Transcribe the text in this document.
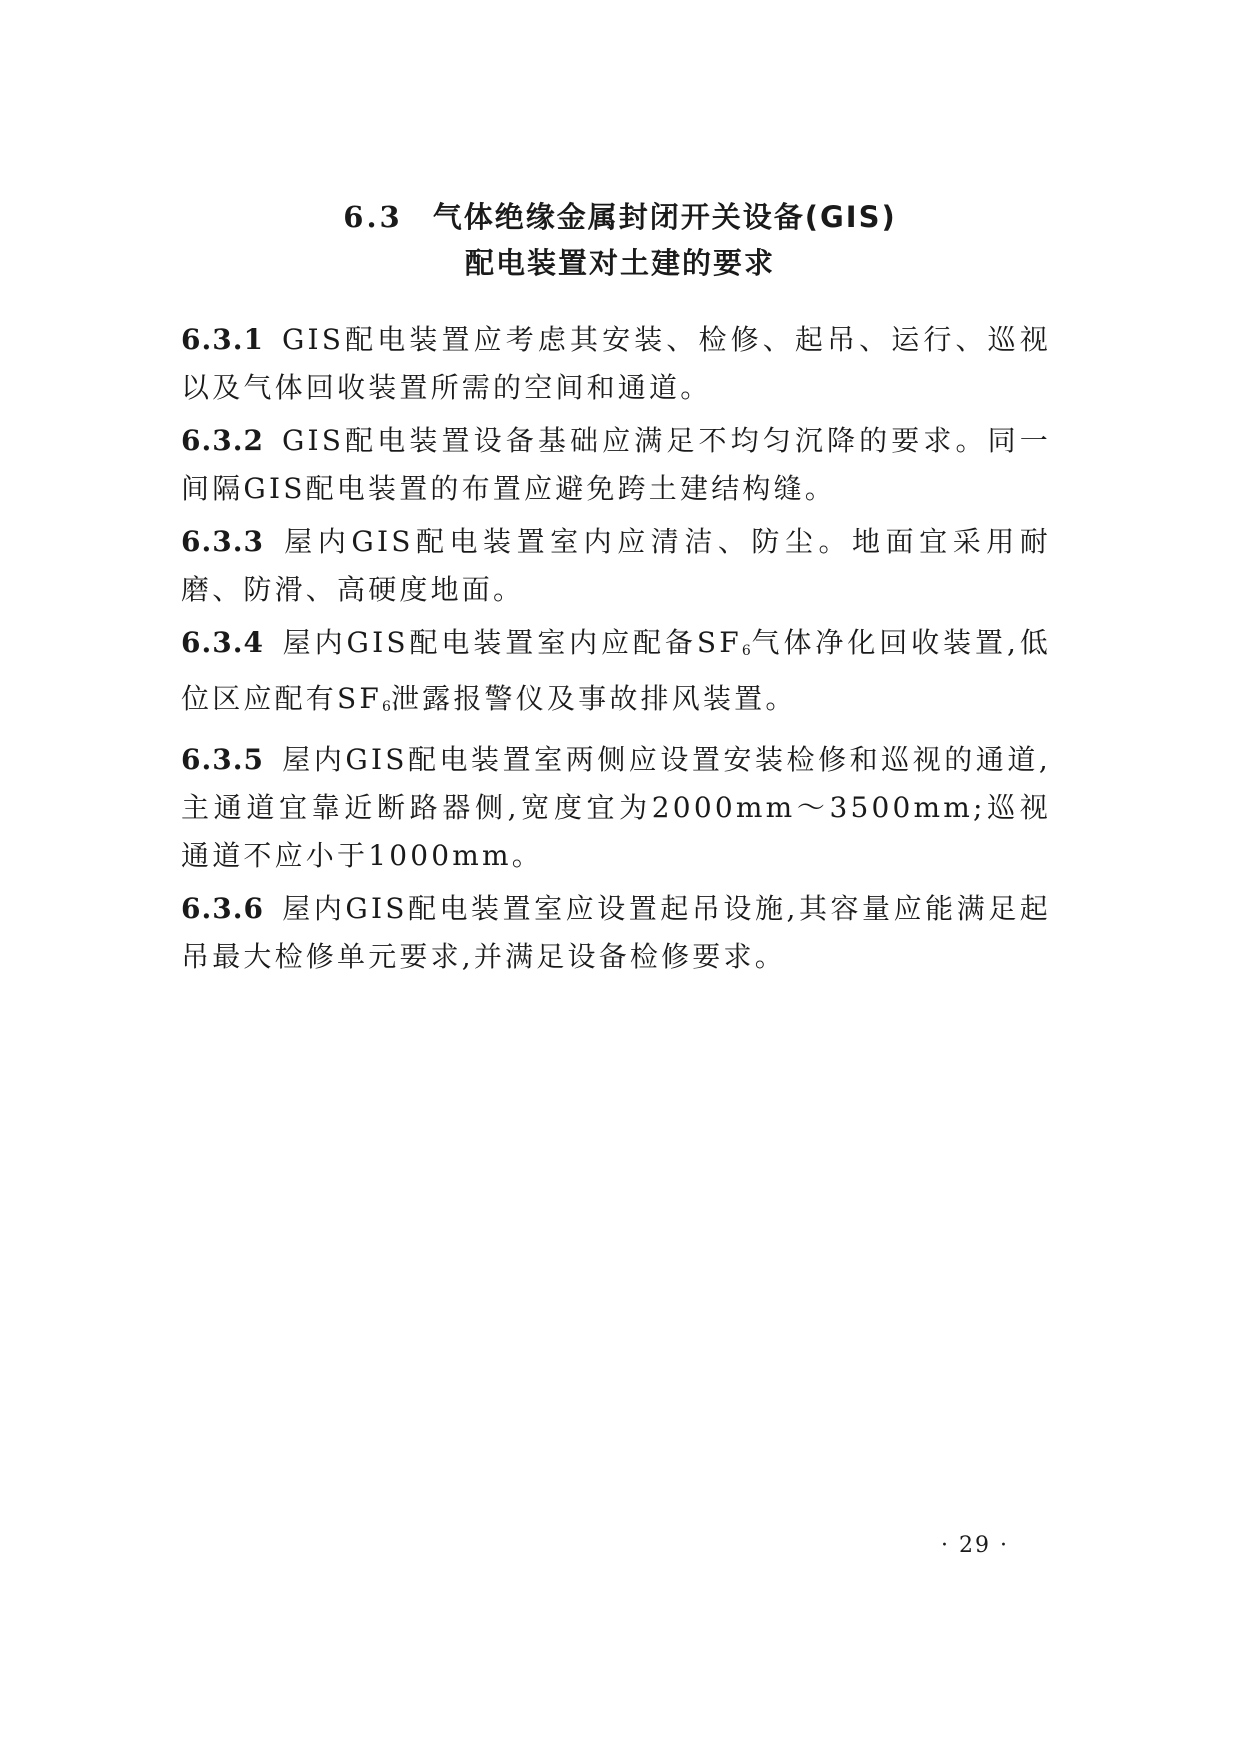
6.3 气体绝缘金属封闭开关设备(GIS)
配电装置对土建的要求

6.3.1 GIS配电装置应考虑其安装、检修、起吊、运行、巡视以及气体回收装置所需的空间和通道。

6.3.2 GIS配电装置设备基础应满足不均匀沉降的要求。同一间隔GIS配电装置的布置应避免跨土建结构缝。

6.3.3 屋内GIS配电装置室内应清洁、防尘。地面宜采用耐磨、防滑、高硬度地面。

6.3.4 屋内GIS配电装置室内应配备$SF_6$气体净化回收装置,低位区应配有$SF_6$泄露报警仪及事故排风装置。

6.3.5 屋内GIS配电装置室两侧应设置安装检修和巡视的通道,主通道宜靠近断路器侧,宽度宜为2000mm～3500mm;巡视通道不应小于1000mm。

6.3.6 屋内GIS配电装置室应设置起吊设施,其容量应能满足起吊最大检修单元要求,并满足设备检修要求。

· 29 ·
